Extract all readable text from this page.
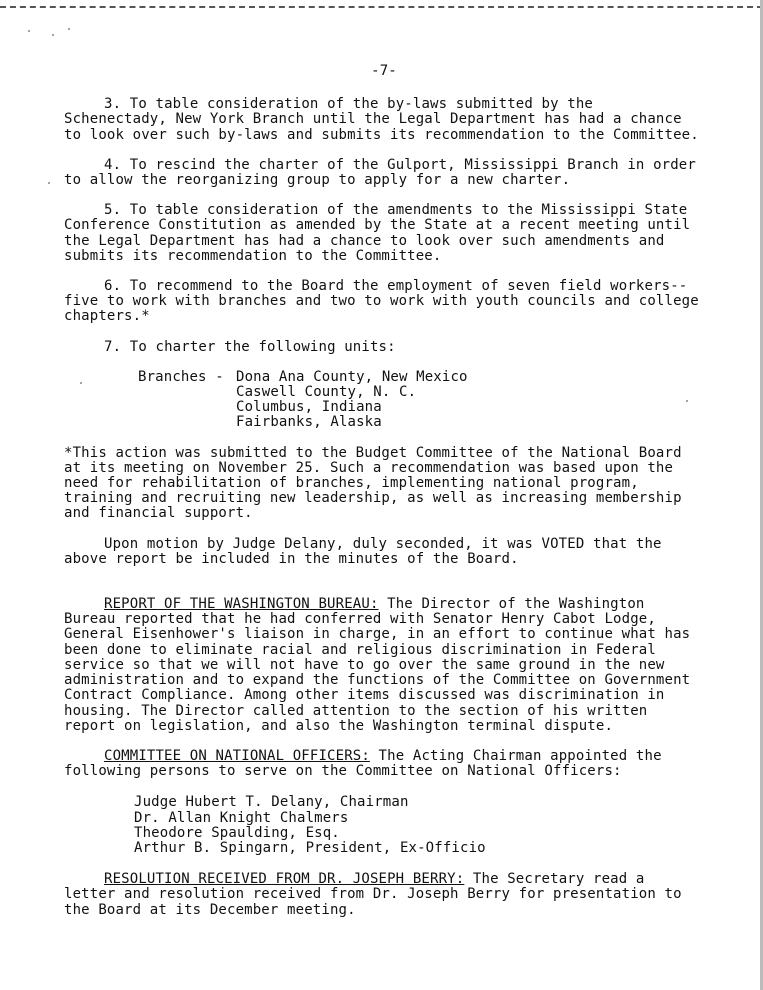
-7-
3. To table consideration of the by-laws submitted by the Schenectady, New York Branch until the Legal Department has had a chance to look over such by-laws and submits its recommendation to the Committee.
4. To rescind the charter of the Gulport, Mississippi Branch in order to allow the reorganizing group to apply for a new charter.
5. To table consideration of the amendments to the Mississippi State Conference Constitution as amended by the State at a recent meeting until the Legal Department has had a chance to look over such amendments and submits its recommendation to the Committee.
6. To recommend to the Board the employment of seven field workers--five to work with branches and two to work with youth councils and college chapters.*
7. To charter the following units:
Branches - Dona Ana County, New Mexico
Caswell County, N. C.
Columbus, Indiana
Fairbanks, Alaska
*This action was submitted to the Budget Committee of the National Board at its meeting on November 25. Such a recommendation was based upon the need for rehabilitation of branches, implementing national program, training and recruiting new leadership, as well as increasing membership and financial support.
Upon motion by Judge Delany, duly seconded, it was VOTED that the above report be included in the minutes of the Board.
REPORT OF THE WASHINGTON BUREAU: The Director of the Washington Bureau reported that he had conferred with Senator Henry Cabot Lodge, General Eisenhower's liaison in charge, in an effort to continue what has been done to eliminate racial and religious discrimination in Federal service so that we will not have to go over the same ground in the new administration and to expand the functions of the Committee on Government Contract Compliance. Among other items discussed was discrimination in housing. The Director called attention to the section of his written report on legislation, and also the Washington terminal dispute.
COMMITTEE ON NATIONAL OFFICERS: The Acting Chairman appointed the following persons to serve on the Committee on National Officers:
Judge Hubert T. Delany, Chairman
Dr. Allan Knight Chalmers
Theodore Spaulding, Esq.
Arthur B. Spingarn, President, Ex-Officio
RESOLUTION RECEIVED FROM DR. JOSEPH BERRY: The Secretary read a letter and resolution received from Dr. Joseph Berry for presentation to the Board at its December meeting.
